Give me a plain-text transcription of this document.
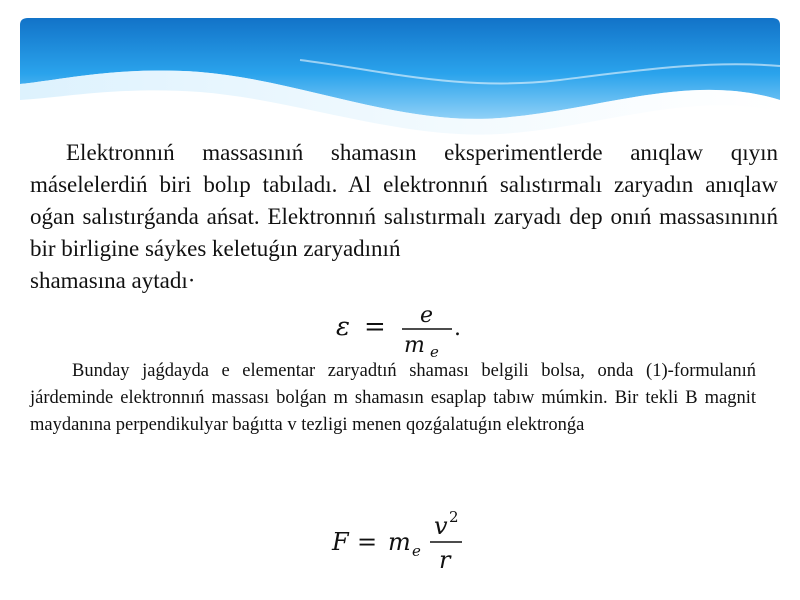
Elektronnıń massasınıń shamasın eksperimentlerde anıqlaw qıyın máselelerdiń biri bolıp tabıladı. Al elektronnıń salıstırmalı zaryadın anıqlaw oǵan salıstırǵanda ańsat. Elektronnıń salıstırmalı zaryadı dep onıń massasınınıń bir birligine sáykes keletuǵın zaryadınıń
shamasına aytadı·

ε = e
m e
.

Bunday jaǵdayda e elementar zaryadtıń shaması belgili bolsa, onda (1)-formulanıń járdeminde elektronnıń massası bolǵan m shamasın esaplap tabıw múmkin. Bir tekli B magnit maydanına perpendikulyar baǵıtta v tezligi menen qozǵalatuǵın elektronǵa

F = m e
v 2
r
